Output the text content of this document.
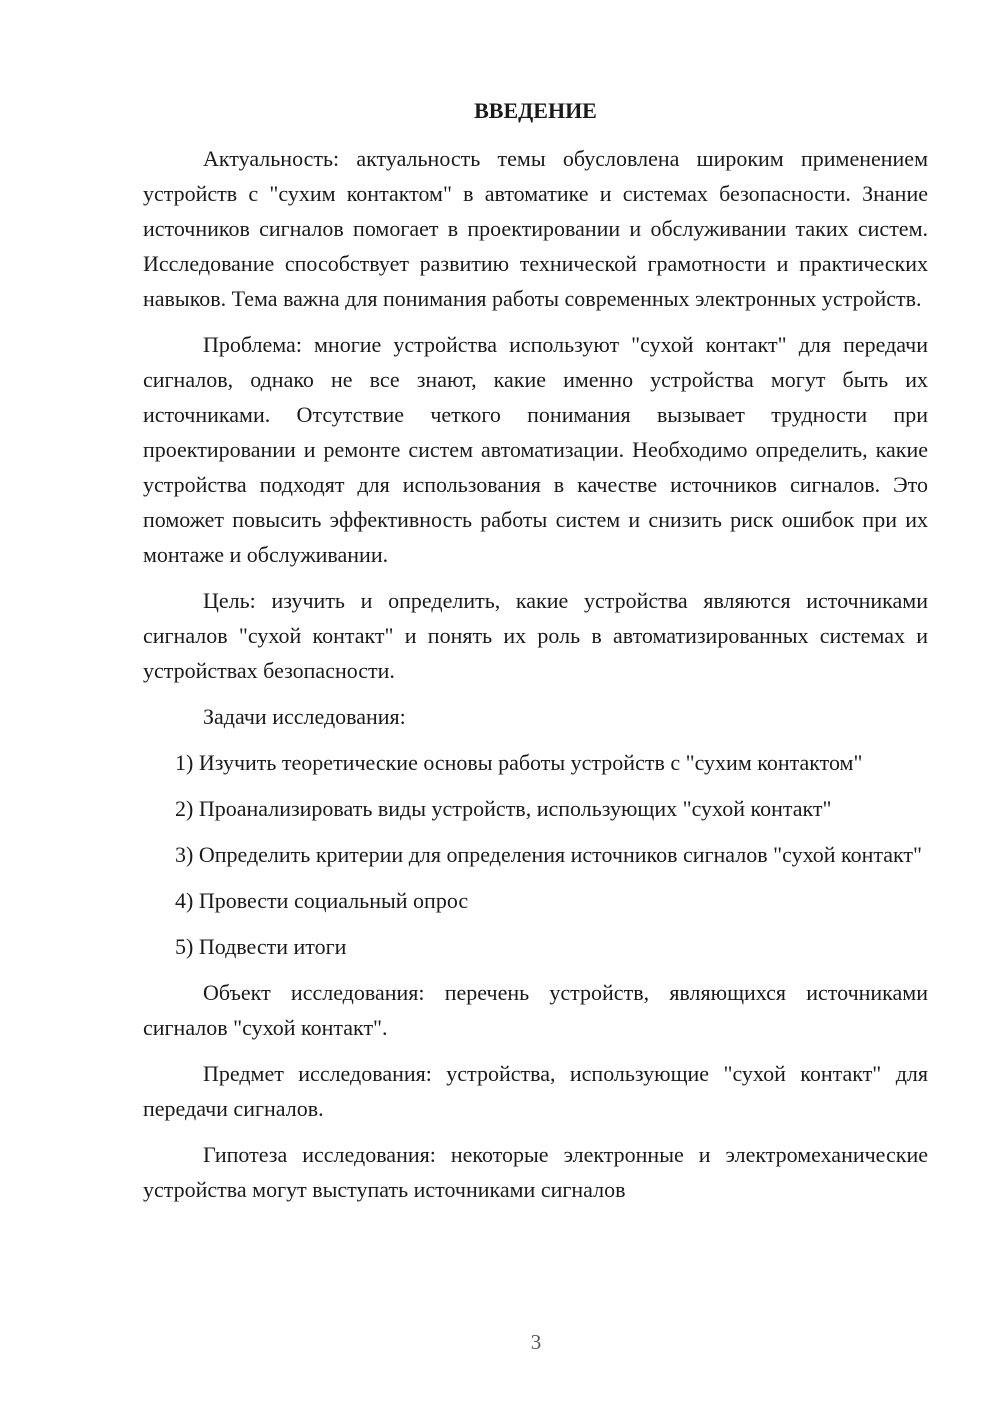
ВВЕДЕНИЕ

Актуальность: актуальность темы обусловлена широким применением устройств с "сухим контактом" в автоматике и системах безопасности. Знание источников сигналов помогает в проектировании и обслуживании таких систем. Исследование способствует развитию технической грамотности и практических навыков. Тема важна для понимания работы современных электронных устройств.

Проблема: многие устройства используют "сухой контакт" для передачи сигналов, однако не все знают, какие именно устройства могут быть их источниками. Отсутствие четкого понимания вызывает трудности при проектировании и ремонте систем автоматизации. Необходимо определить, какие устройства подходят для использования в качестве источников сигналов. Это поможет повысить эффективность работы систем и снизить риск ошибок при их монтаже и обслуживании.

Цель: изучить и определить, какие устройства являются источниками сигналов "сухой контакт" и понять их роль в автоматизированных системах и устройствах безопасности.

Задачи исследования:

1) Изучить теоретические основы работы устройств с "сухим контактом"

2) Проанализировать виды устройств, использующих "сухой контакт"

3) Определить критерии для определения источников сигналов "сухой контакт"

4) Провести социальный опрос

5) Подвести итоги

Объект исследования: перечень устройств, являющихся источниками сигналов "сухой контакт".

Предмет исследования: устройства, использующие "сухой контакт" для передачи сигналов.

Гипотеза исследования: некоторые электронные и электромеханические устройства могут выступать источниками сигналов

3
